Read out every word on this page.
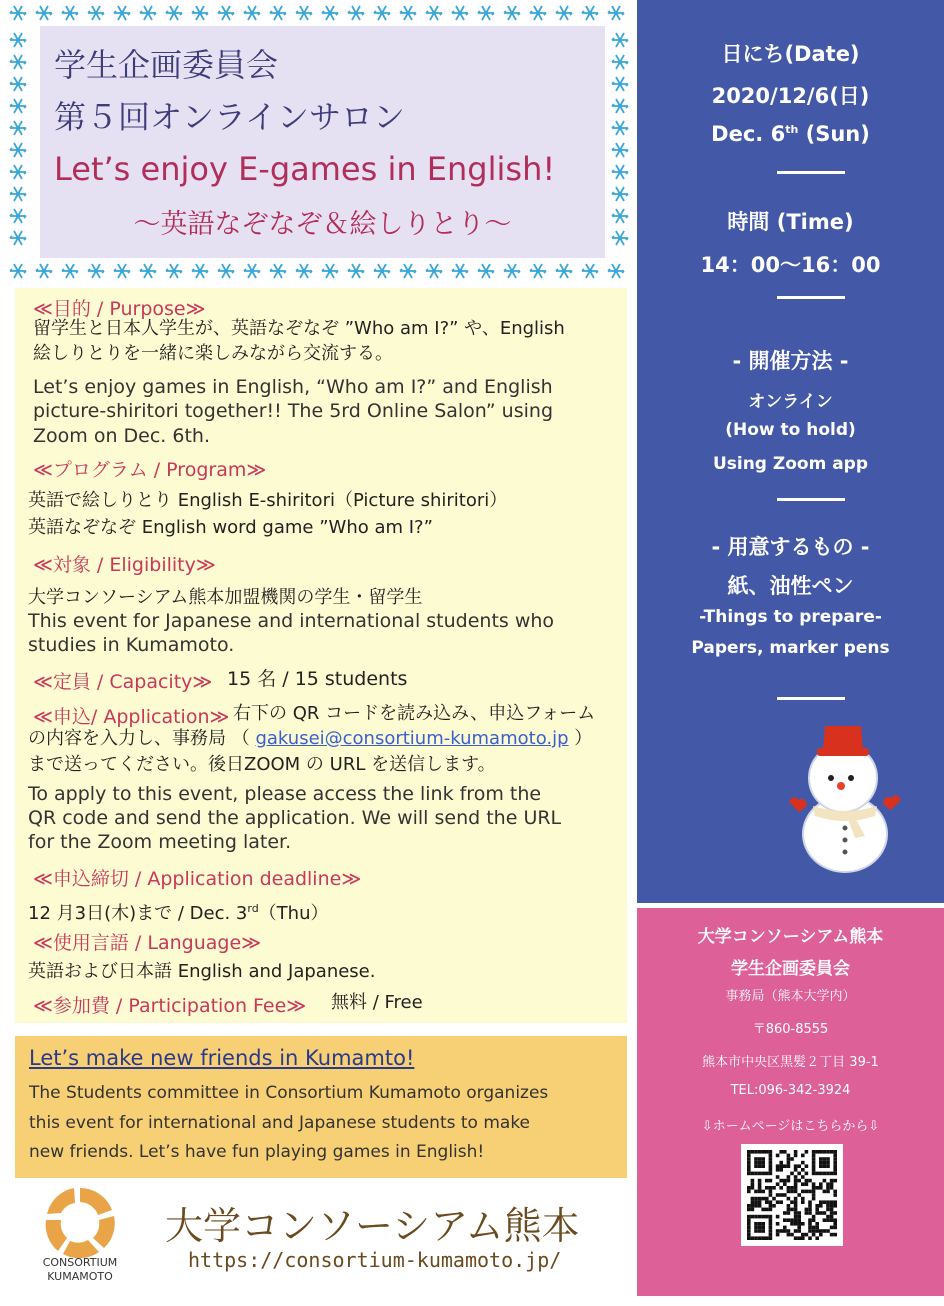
学生企画委員会
第５回オンラインサロン
Let’s enjoy E-games in English!
～英語なぞなぞ＆絵しりとり～
≪目的 / Purpose≫
留学生と日本人学生が、英語なぞなぞ ”Who am I?” や、English
絵しりとりを一緒に楽しみながら交流する。
Let’s enjoy games in English, “Who am I?” and English
picture-shiritori together!! The 5rd Online Salon” using
Zoom on Dec. 6th.
≪プログラム / Program≫
英語で絵しりとり English E-shiritori（Picture shiritori）
英語なぞなぞ English word game ”Who am I?”
≪対象 / Eligibility≫
大学コンソーシアム熊本加盟機関の学生・留学生
This event for Japanese and international students who
studies in Kumamoto.
≪定員 / Capacity≫ 15 名 / 15 students
≪申込/ Application≫ 右下の QR コードを読み込み、申込フォーム
の内容を入力し、事務局 （ gakusei@consortium-kumamoto.jp ）
まで送ってください。後日ZOOM の URL を送信します。
To apply to this event, please access the link from the
QR code and send the application. We will send the URL
for the Zoom meeting later.
≪申込締切 / Application deadline≫
12 月3日(木)まで / Dec. 3rd（Thu）
≪使用言語 / Language≫
英語および日本語 English and Japanese.
≪参加費 / Participation Fee≫ 無料 / Free
Let’s make new friends in Kumamto!
The Students committee in Consortium Kumamoto organizes
this event for international and Japanese students to make
new friends. Let’s have fun playing games in English!
CONSORTIUM
KUMAMOTO
大学コンソーシアム熊本
https://consortium-kumamoto.jp/
日にち(Date)
2020/12/6(日)
Dec. 6th (Sun)
時間 (Time)
14：00～16：00
- 開催方法 -
オンライン
(How to hold)
Using Zoom app
- 用意するもの -
紙、油性ペン
-Things to prepare-
Papers, marker pens
大学コンソーシアム熊本
学生企画委員会
事務局（熊本大学内）
〒860-8555
熊本市中央区黒髪２丁目 39-1
TEL:096-342-3924
⇩ホームページはこちらから⇩
